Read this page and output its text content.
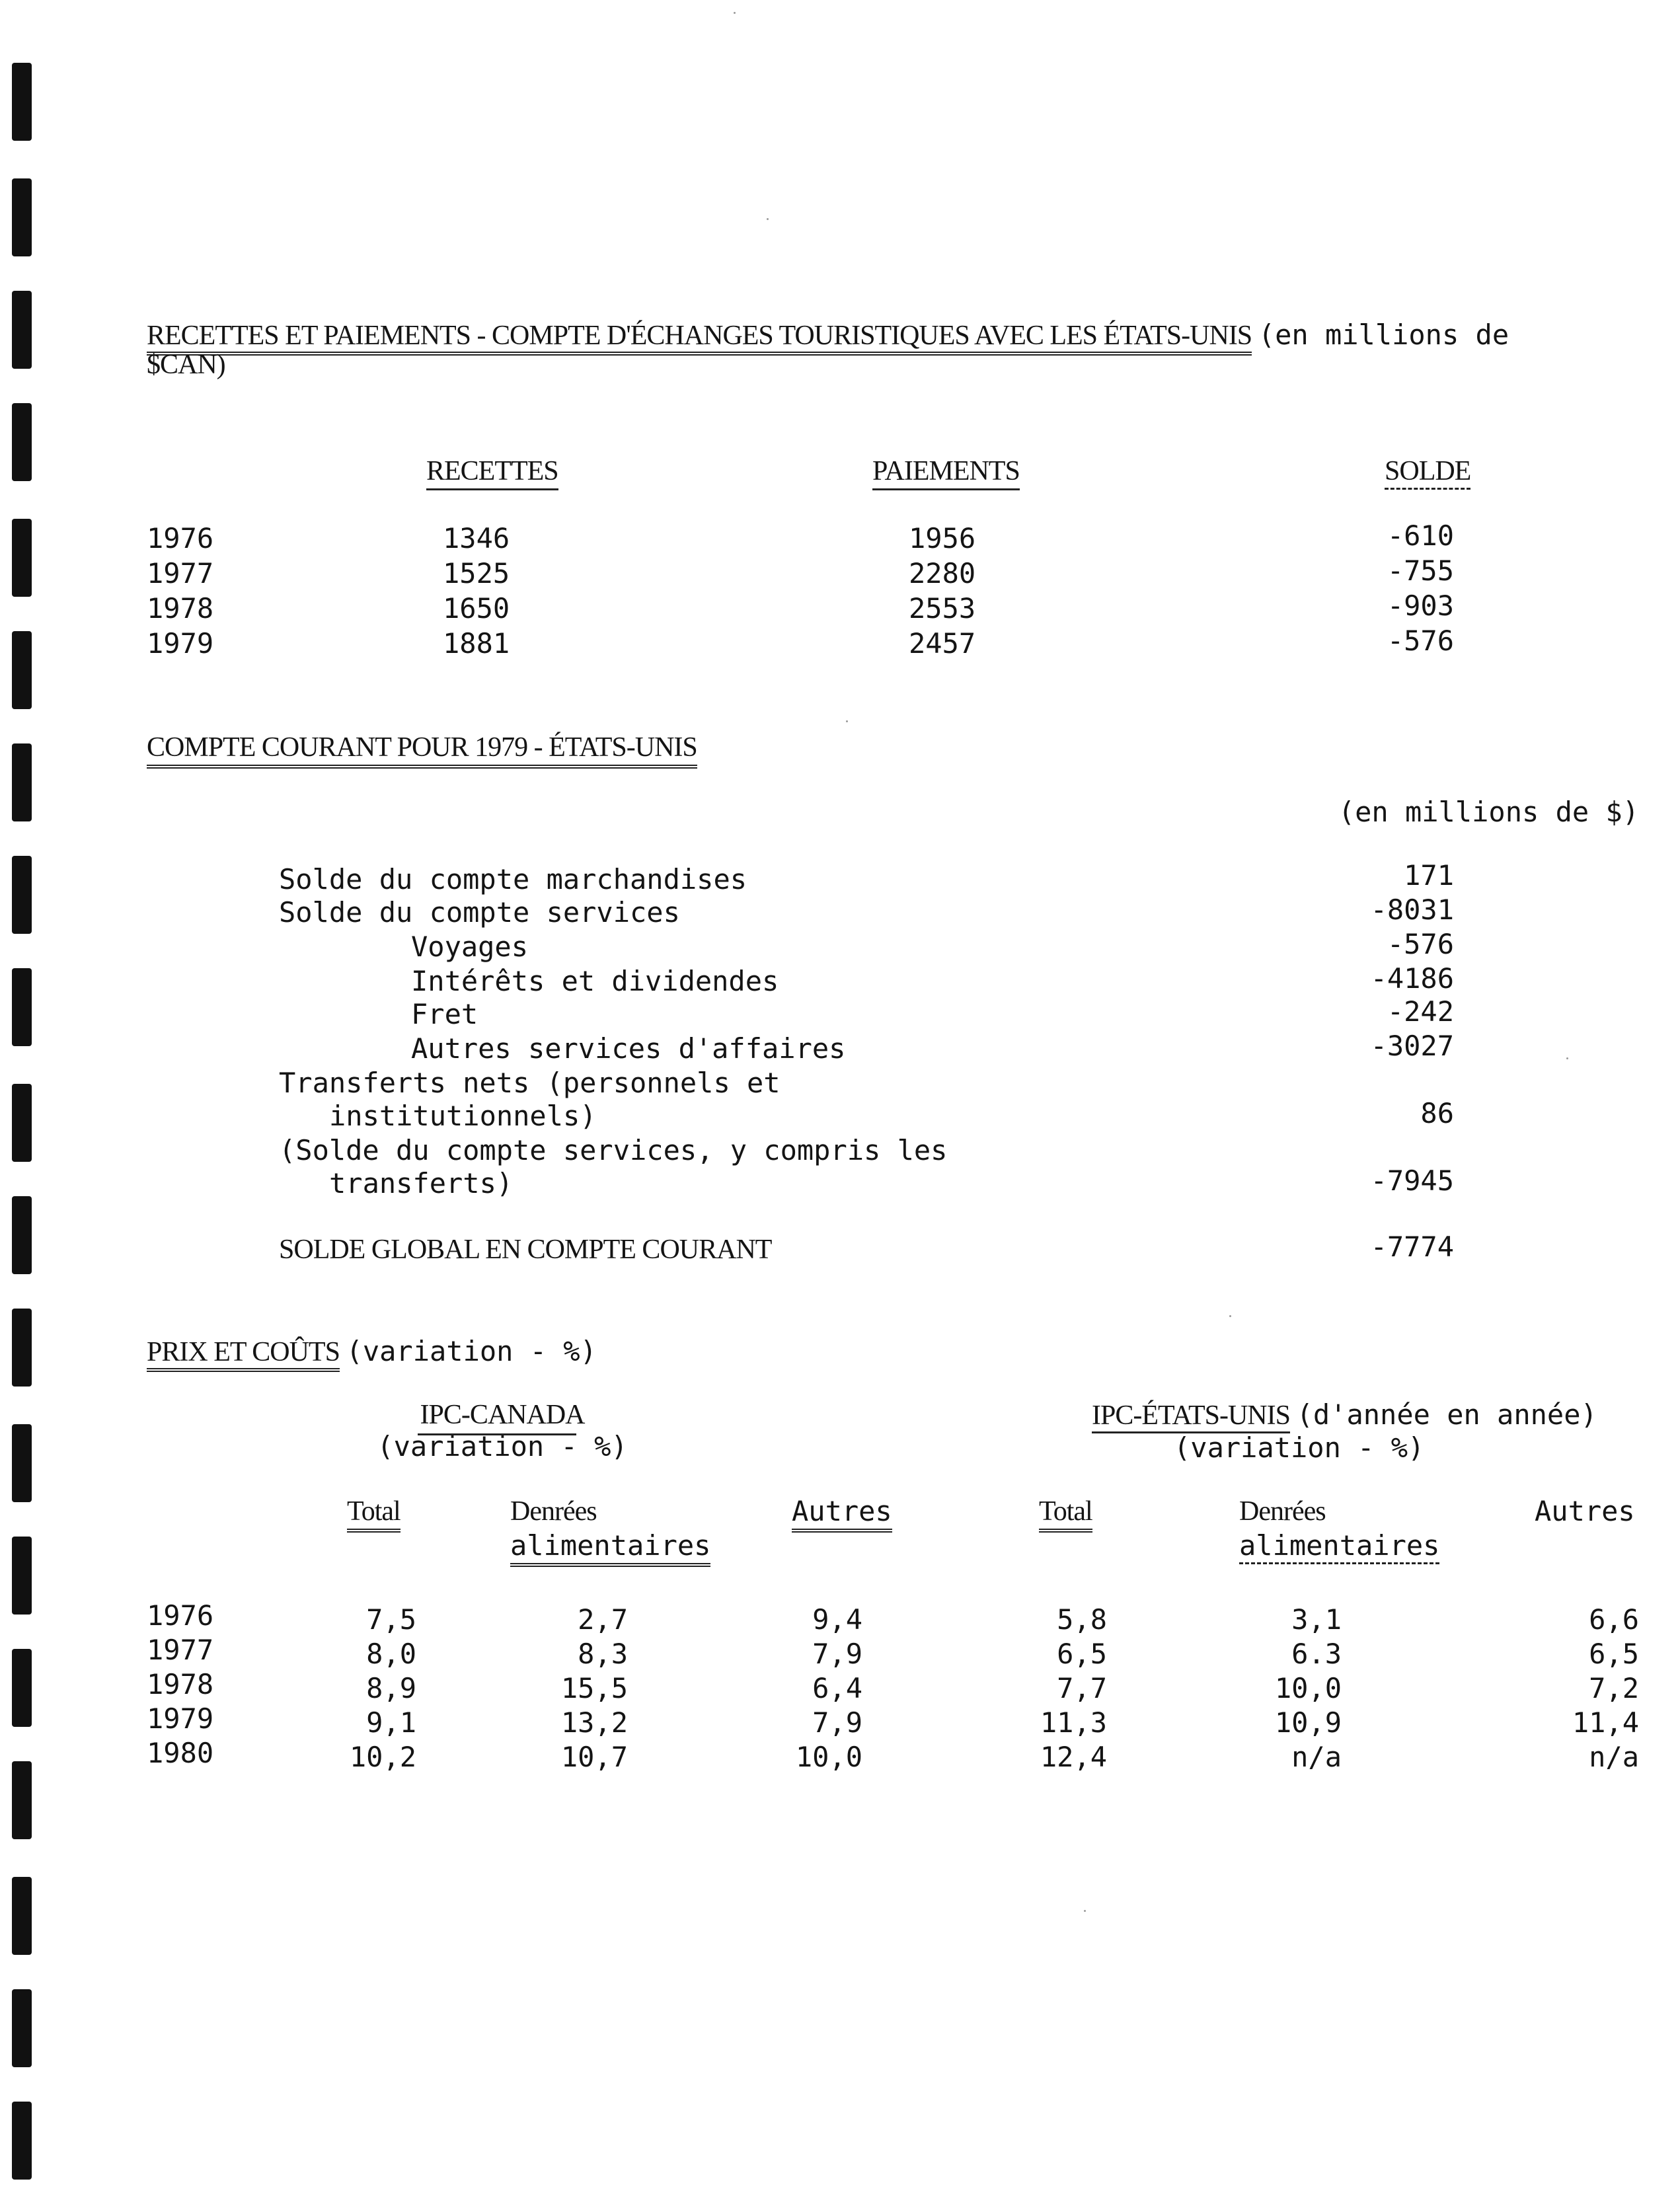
RECETTES ET PAIEMENTS - COMPTE D'ÉCHANGES TOURISTIQUES AVEC LES ÉTATS-UNIS (en millions de
$CAN)
RECETTES	PAIEMENTS	SOLDE
1976	1346	1956	-610
1977	1525	2280	-755
1978	1650	2553	-903
1979	1881	2457	-576
COMPTE COURANT POUR 1979 - ÉTATS-UNIS
(en millions de $)
Solde du compte marchandises	171
Solde du compte services	-8031
Voyages	-576
Intérêts et dividendes	-4186
Fret	-242
Autres services d'affaires	-3027
Transferts nets (personnels et
institutionnels)	86
(Solde du compte services, y compris les
transferts)	-7945
SOLDE GLOBAL EN COMPTE COURANT	-7774
PRIX ET COÛTS (variation - %)
IPC-CANADA
(variation - %)
IPC-ÉTATS-UNIS (d'année en année)
(variation - %)
Total	Denrées
alimentaires
Autres	Total	Denrées
alimentaires
Autres
1976	7,5	2,7	9,4	5,8	3,1	6,6
1977	8,0	8,3	7,9	6,5	6.3	6,5
1978	8,9	15,5	6,4	7,7	10,0	7,2
1979	9,1	13,2	7,9	11,3	10,9	11,4
1980	10,2	10,7	10,0	12,4	n/a	n/a
